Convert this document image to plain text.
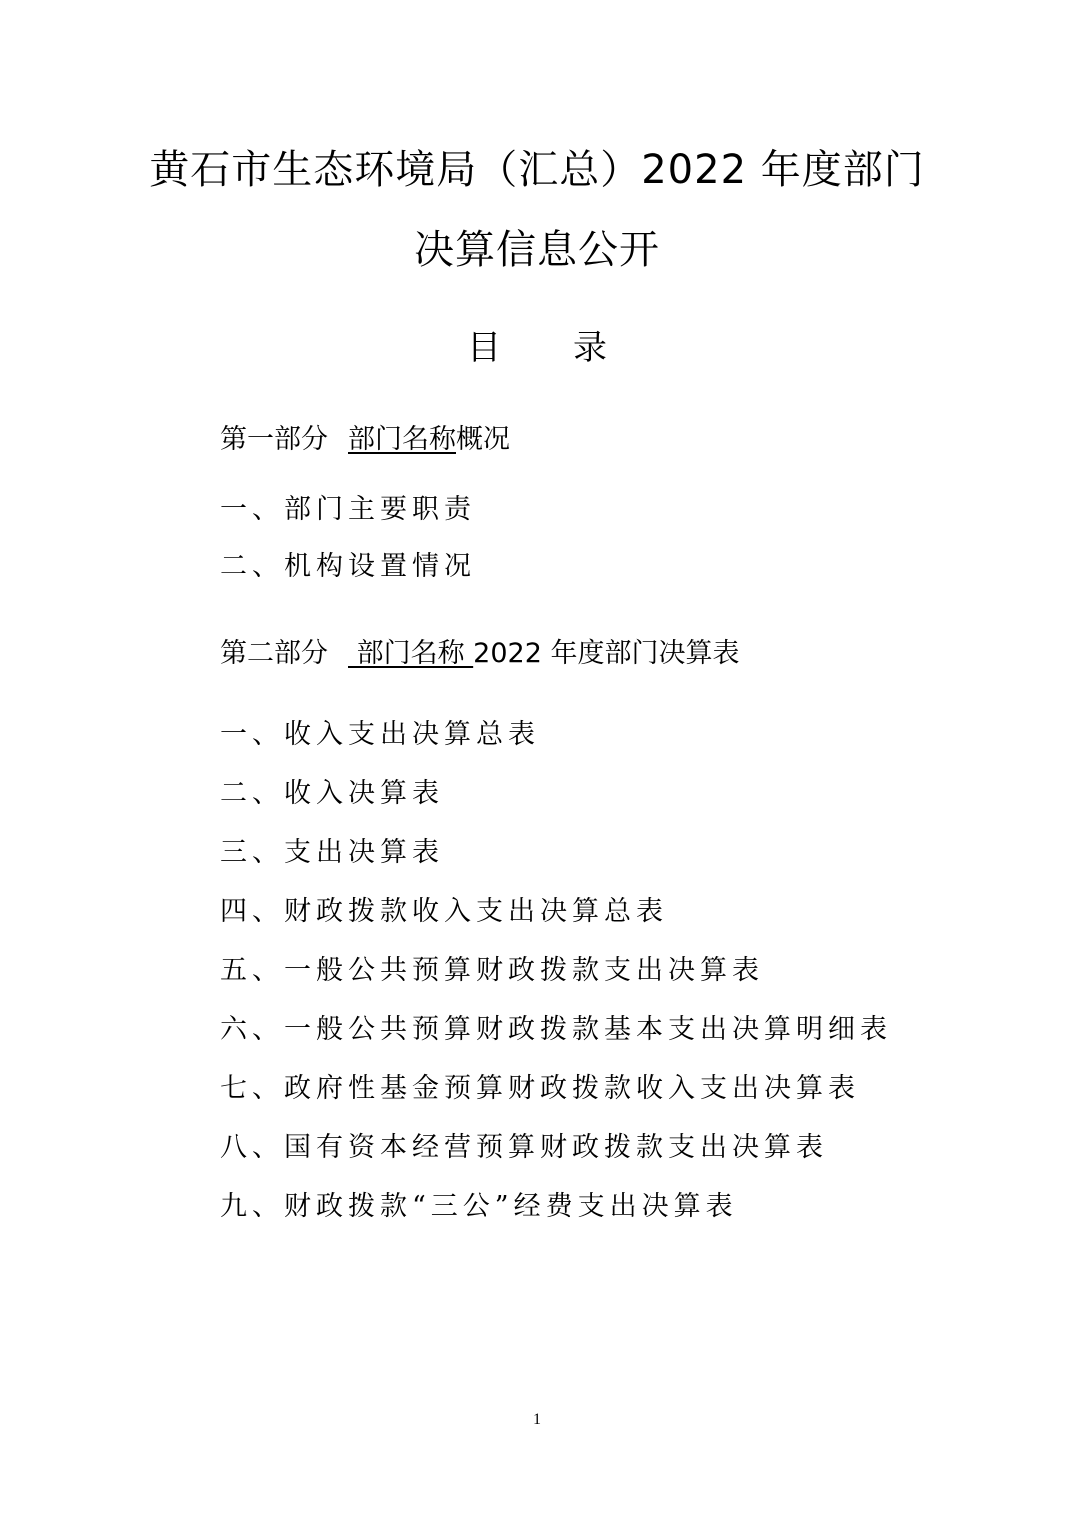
黄石市生态环境局（汇总）2022 年度部门
决算信息公开
目 录
第一部分 部门名称概况
一、部门主要职责
二、机构设置情况
第二部分 部门名称 2022 年度部门决算表
一、收入支出决算总表
二、收入决算表
三、支出决算表
四、财政拨款收入支出决算总表
五、一般公共预算财政拨款支出决算表
六、一般公共预算财政拨款基本支出决算明细表
七、政府性基金预算财政拨款收入支出决算表
八、国有资本经营预算财政拨款支出决算表
九、财政拨款“三公”经费支出决算表
1
